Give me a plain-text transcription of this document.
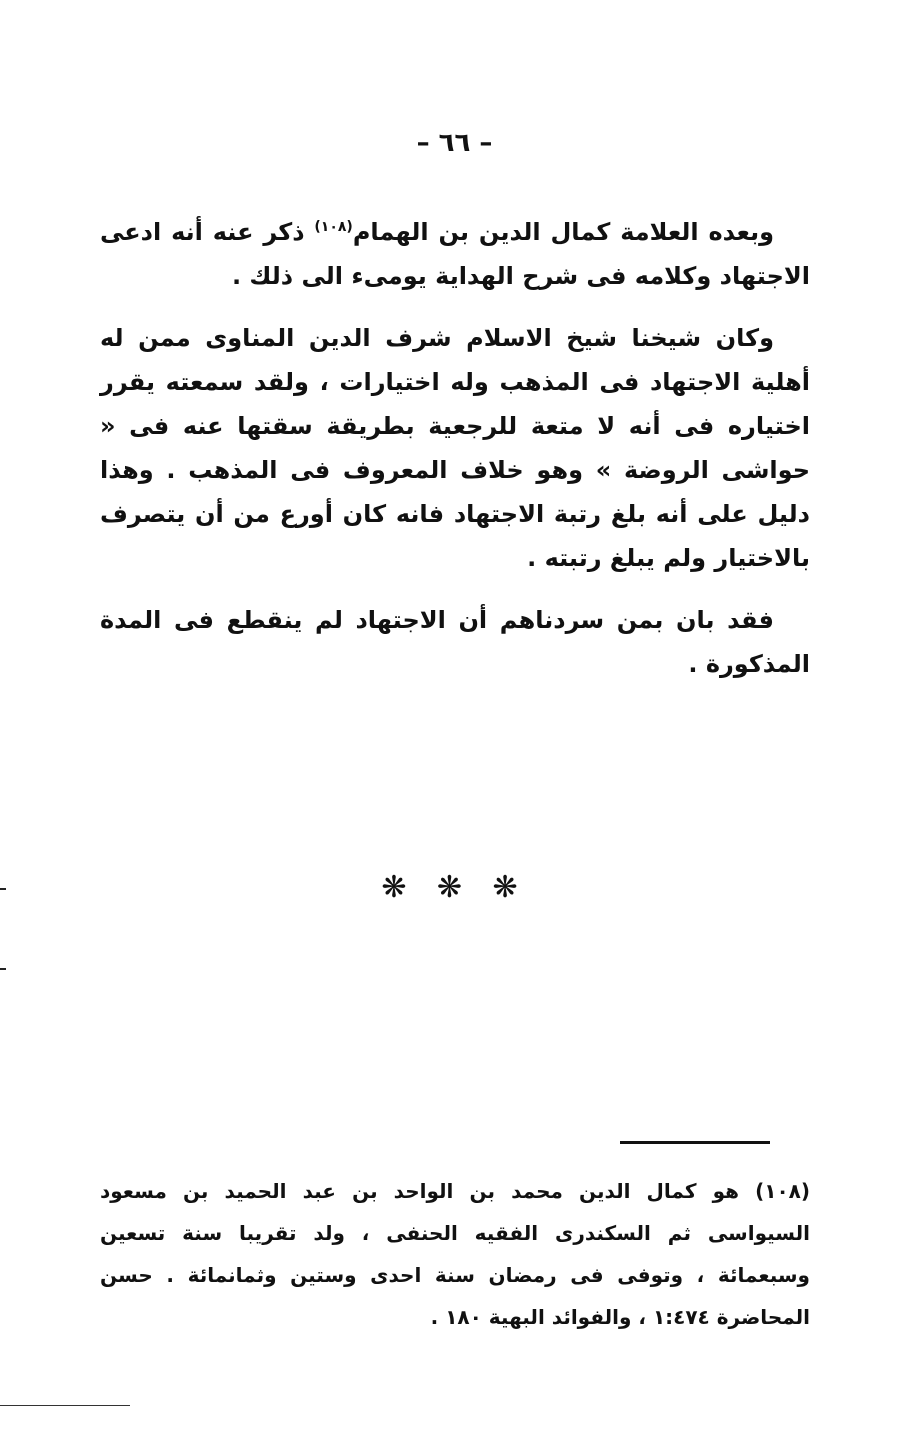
– ٦٦ –

وبعده العلامة كمال الدين بن الهمام$^{(١٠٨)}$ ذكر عنه أنه ادعى الاجتهاد وكلامه فى شرح الهداية يومىء الى ذلك .

وكان شيخنا شيخ الاسلام شرف الدين المناوى ممن له أهلية الاجتهاد فى المذهب وله اختيارات ، ولقد سمعته يقرر اختياره فى أنه لا متعة للرجعية بطريقة سقتها عنه فى « حواشى الروضة » وهو خلاف المعروف فى المذهب . وهذا دليل على أنه بلغ رتبة الاجتهاد فانه كان أورع من أن يتصرف بالاختيار ولم يبلغ رتبته .

فقد بان بمن سردناهم أن الاجتهاد لم ينقطع فى المدة المذكورة .

❋ ❋ ❋

(١٠٨) هو كمال الدين محمد بن الواحد بن عبد الحميد بن مسعود السيواسى ثم السكندرى الفقيه الحنفى ، ولد تقريبا سنة تسعين وسبعمائة ، وتوفى فى رمضان سنة احدى وستين وثمانمائة . حسن المحاضرة ١:٤٧٤ ، والفوائد البهية ١٨٠ .
